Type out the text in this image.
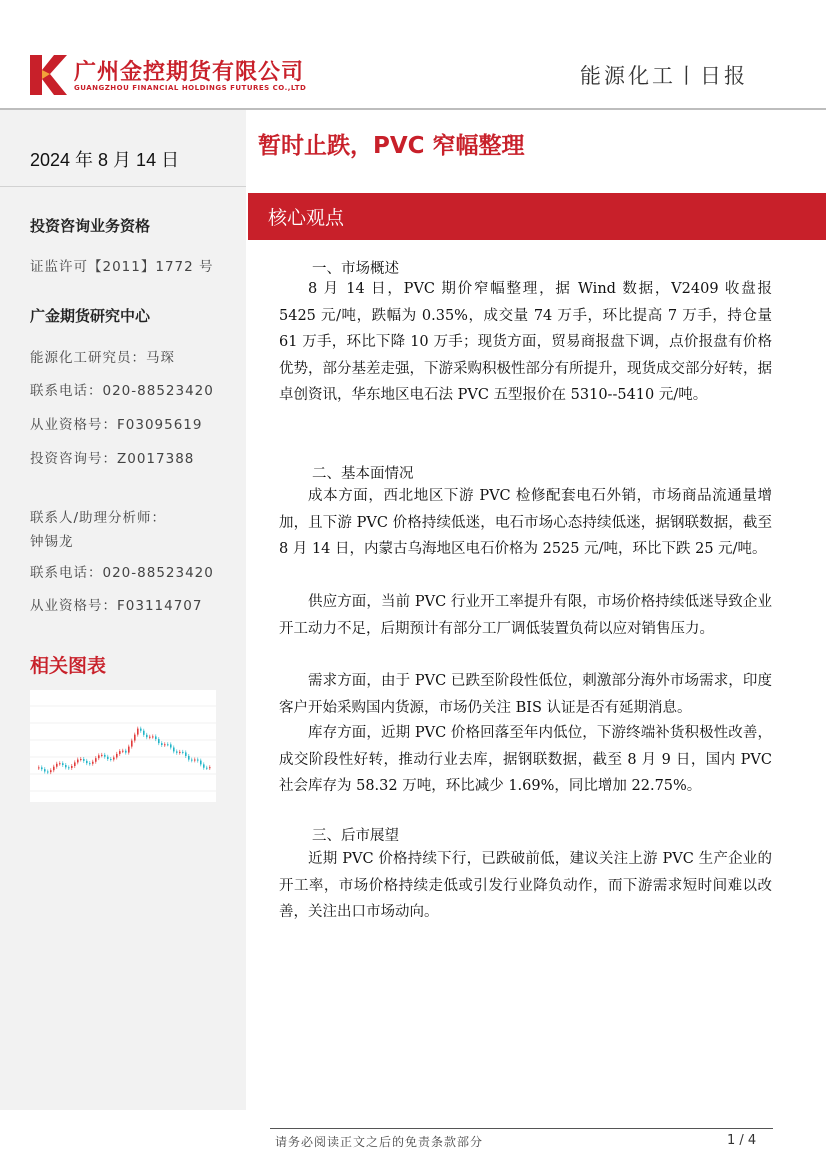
广州金控期货有限公司
GUANGZHOU FINANCIAL HOLDINGS FUTURES CO.,LTD	能源化工丨日报
2024 年 8 月 14 日
投资咨询业务资格
证监许可【2011】1772 号
广金期货研究中心
能源化工研究员：马琛
联系电话：020-88523420
从业资格号：F03095619
投资咨询号：Z0017388
联系人/助理分析师：
钟锡龙
联系电话：020-88523420
从业资格号：F03114707
相关图表
暂时止跌，PVC 窄幅整理
核心观点
一、市场概述

8 月 14 日，PVC 期价窄幅整理，据 Wind 数据，V2409 收盘报 5425 元/吨，跌幅为 0.35%，成交量 74 万手，环比提高 7 万手，持仓量 61 万手，环比下降 10 万手；现货方面，贸易商报盘下调，点价报盘有价格优势，部分基差走强，下游采购积极性部分有所提升，现货成交部分好转，据卓创资讯，华东地区电石法 PVC 五型报价在 5310--5410 元/吨。

二、基本面情况

成本方面，西北地区下游 PVC 检修配套电石外销，市场商品流通量增加，且下游 PVC 价格持续低迷，电石市场心态持续低迷，据钢联数据，截至 8 月 14 日，内蒙古乌海地区电石价格为 2525 元/吨，环比下跌 25 元/吨。

供应方面，当前 PVC 行业开工率提升有限，市场价格持续低迷导致企业开工动力不足，后期预计有部分工厂调低装置负荷以应对销售压力。

需求方面，由于 PVC 已跌至阶段性低位，刺激部分海外市场需求，印度客户开始采购国内货源，市场仍关注 BIS 认证是否有延期消息。

库存方面，近期 PVC 价格回落至年内低位，下游终端补货积极性改善，成交阶段性好转，推动行业去库，据钢联数据，截至 8 月 9 日，国内 PVC 社会库存为 58.32 万吨，环比减少 1.69%，同比增加 22.75%。

三、后市展望

近期 PVC 价格持续下行，已跌破前低，建议关注上游 PVC 生产企业的开工率，市场价格持续走低或引发行业降负动作，而下游需求短时间难以改善，关注出口市场动向。

请务必阅读正文之后的免责条款部分	1 / 4
